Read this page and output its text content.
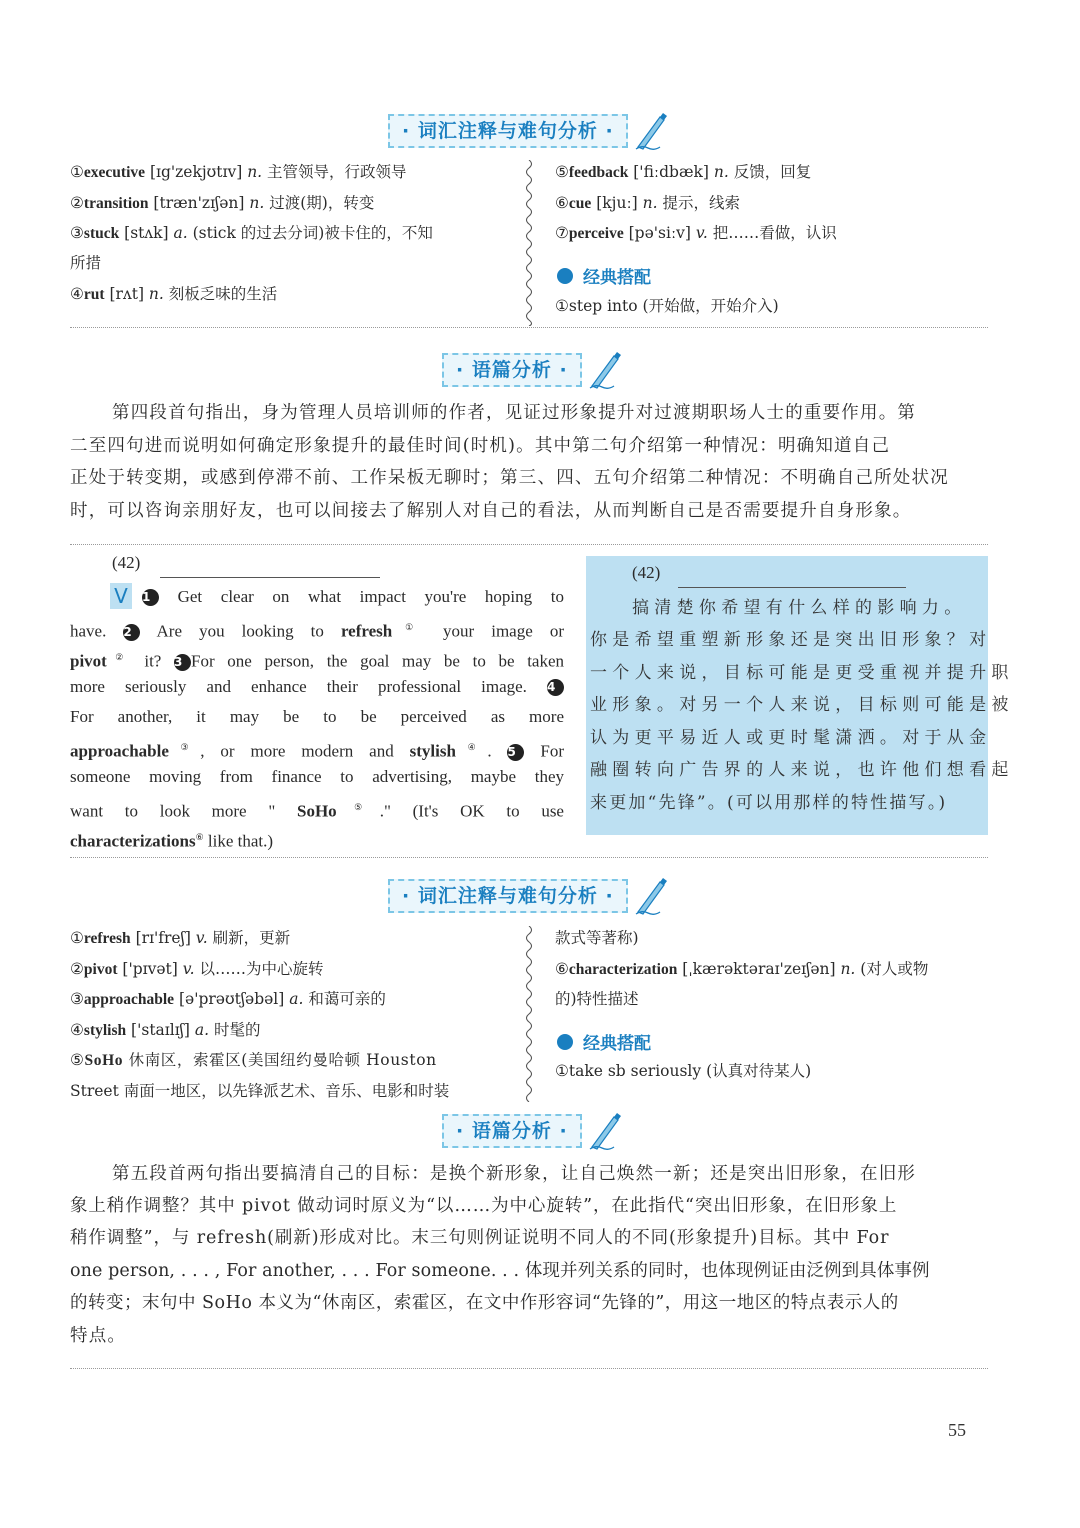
· 词汇注释与难句分析 ·
①executive [ɪg'zekjʊtɪv] n. 主管领导，行政领导
②transition [træn'zɪʃən] n. 过渡(期)，转变
③stuck [stʌk] a. (stick 的过去分词)被卡住的，不知
所措
④rut [rʌt] n. 刻板乏味的生活
⑤feedback ['fiːdbæk] n. 反馈，回复
⑥cue [kjuː] n. 提示，线索
⑦perceive [pə'siːv] v. 把……看做，认识
经典搭配
①step into (开始做，开始介入)
· 语篇分析 ·
第四段首句指出，身为管理人员培训师的作者，见证过形象提升对过渡期职场人士的重要作用。第
二至四句进而说明如何确定形象提升的最佳时间(时机)。其中第二句介绍第一种情况：明确知道自己
正处于转变期，或感到停滞不前、工作呆板无聊时；第三、四、五句介绍第二种情况：不明确自己所处状况
时，可以咨询亲朋好友，也可以间接去了解别人对自己的看法，从而判断自己是否需要提升自身形象。
(42)
V	1 Get clear on what impact you're hoping to
have. 2 Are you looking to refresh① your image or
pivot② it? 3 For one person, the goal may be to be taken
more seriously and enhance their professional image. 4
For another, it may be to be perceived as more
approachable③, or more modern and stylish④. 5 For
someone moving from finance to advertising, maybe they
want to look more " SoHo⑤." (It's OK to use
characterizations⑥ like that.)
(42)
搞清楚你希望有什么样的影响力。
你是希望重塑新形象还是突出旧形象？对
一个人来说，目标可能是更受重视并提升职
业形象。对另一个人来说，目标则可能是被
认为更平易近人或更时髦潇洒。对于从金
融圈转向广告界的人来说，也许他们想看起
来更加“先锋”。(可以用那样的特性描写。)
· 词汇注释与难句分析 ·
①refresh [rɪ'freʃ] v. 刷新，更新
②pivot ['pɪvət] v. 以……为中心旋转
③approachable [ə'prəʊtʃəbəl] a. 和蔼可亲的
④stylish ['staɪlɪʃ] a. 时髦的
⑤SoHo 休南区，索霍区(美国纽约曼哈顿 Houston
Street 南面一地区，以先锋派艺术、音乐、电影和时装
款式等著称)
⑥characterization [ˌkærəktəraɪ'zeɪʃən] n. (对人或物
的)特性描述
经典搭配
①take sb seriously (认真对待某人)
· 语篇分析 ·
第五段首两句指出要搞清自己的目标：是换个新形象，让自己焕然一新；还是突出旧形象，在旧形
象上稍作调整？其中 pivot 做动词时原义为“以……为中心旋转”，在此指代“突出旧形象，在旧形象上
稍作调整”，与 refresh(刷新)形成对比。末三句则例证说明不同人的不同(形象提升)目标。其中 For
one person, . . . , For another, . . . For someone. . . 体现并列关系的同时，也体现例证由泛例到具体事例
的转变；末句中 SoHo 本义为“休南区，索霍区，在文中作形容词“先锋的”，用这一地区的特点表示人的
特点。
55
